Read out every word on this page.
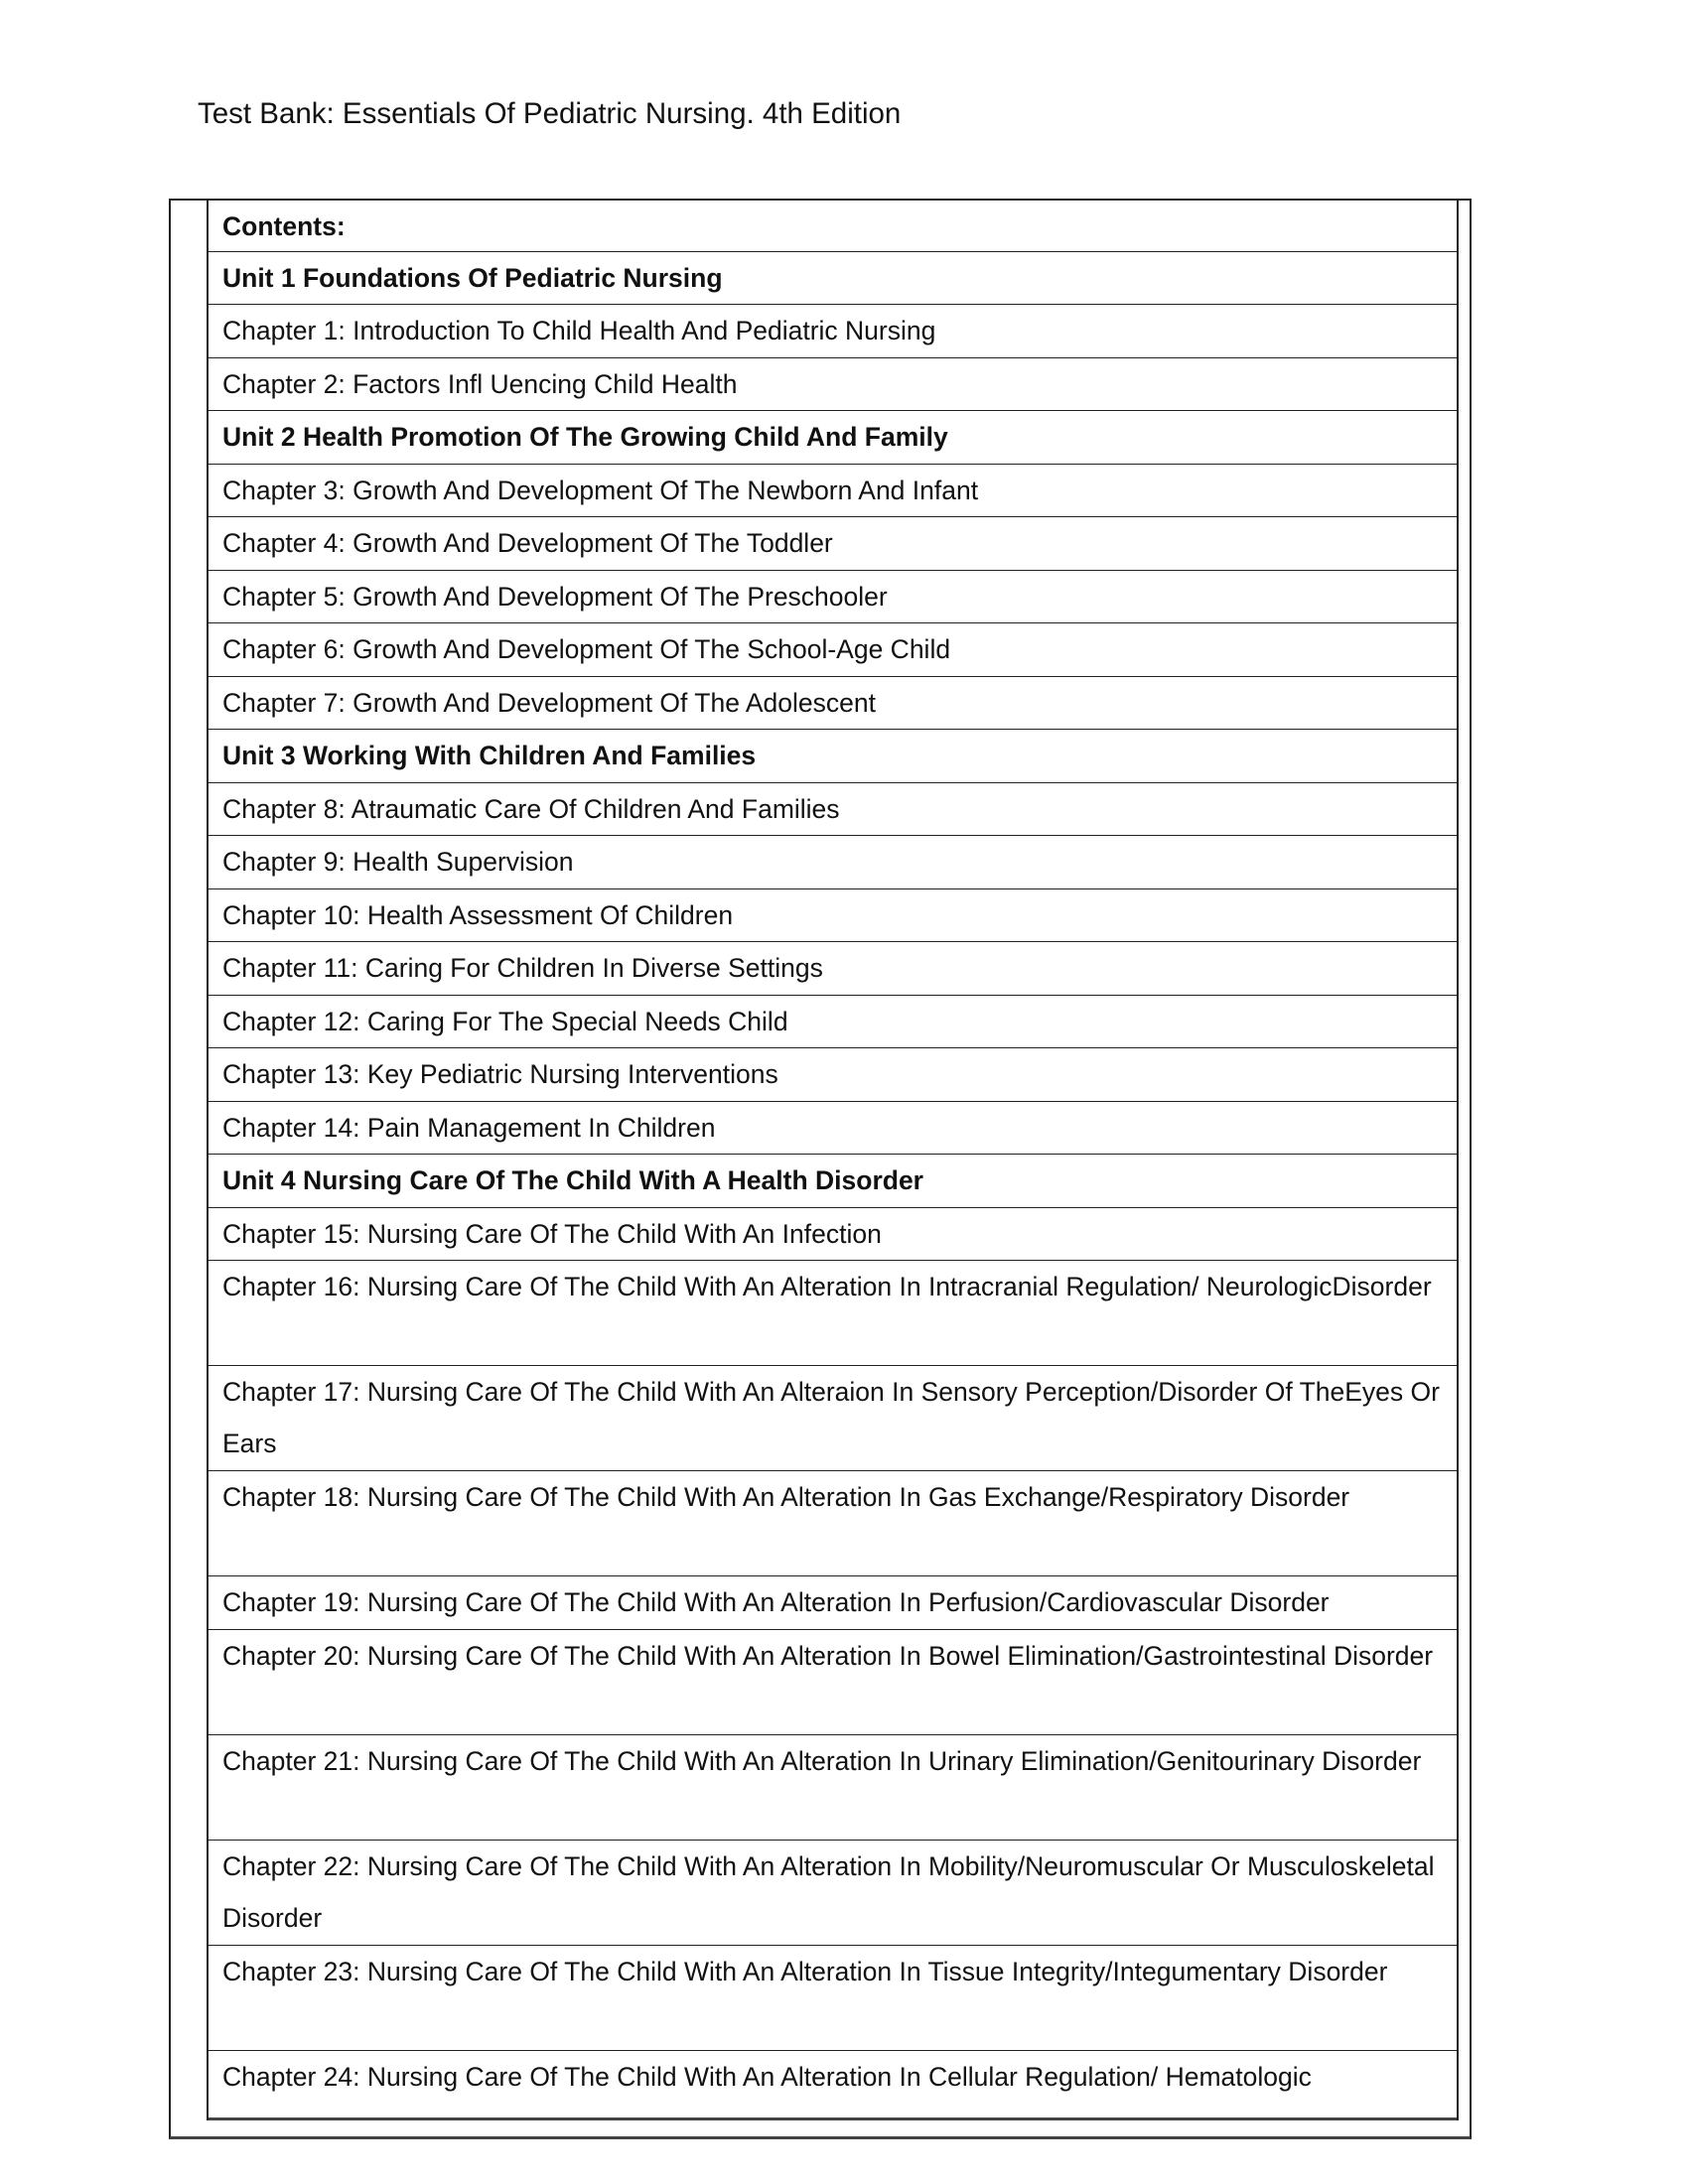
Test Bank: Essentials Of Pediatric Nursing. 4th Edition
Contents:
Unit 1 Foundations Of Pediatric Nursing
Chapter 1: Introduction To Child Health And Pediatric Nursing
Chapter 2: Factors Infl Uencing Child Health
Unit 2 Health Promotion Of The Growing Child And Family
Chapter 3: Growth And Development Of The Newborn And Infant
Chapter 4: Growth And Development Of The Toddler
Chapter 5: Growth And Development Of The Preschooler
Chapter 6: Growth And Development Of The School-Age Child
Chapter 7: Growth And Development Of The Adolescent
Unit 3 Working With Children And Families
Chapter 8: Atraumatic Care Of Children And Families
Chapter 9: Health Supervision
Chapter 10: Health Assessment Of Children
Chapter 11: Caring For Children In Diverse Settings
Chapter 12: Caring For The Special Needs Child
Chapter 13: Key Pediatric Nursing Interventions
Chapter 14: Pain Management In Children
Unit 4 Nursing Care Of The Child With A Health Disorder
Chapter 15: Nursing Care Of The Child With An Infection
Chapter 16: Nursing Care Of The Child With An Alteration In Intracranial Regulation/ NeurologicDisorder
Chapter 17: Nursing Care Of The Child With An Alteraion In Sensory Perception/Disorder Of TheEyes Or Ears
Chapter 18: Nursing Care Of The Child With An Alteration In Gas Exchange/Respiratory Disorder
Chapter 19: Nursing Care Of The Child With An Alteration In Perfusion/Cardiovascular Disorder
Chapter 20: Nursing Care Of The Child With An Alteration In Bowel Elimination/Gastrointestinal Disorder
Chapter 21: Nursing Care Of The Child With An Alteration In Urinary Elimination/Genitourinary Disorder
Chapter 22: Nursing Care Of The Child With An Alteration In Mobility/Neuromuscular Or Musculoskeletal Disorder
Chapter 23: Nursing Care Of The Child With An Alteration In Tissue Integrity/Integumentary Disorder
Chapter 24: Nursing Care Of The Child With An Alteration In Cellular Regulation/ Hematologic
